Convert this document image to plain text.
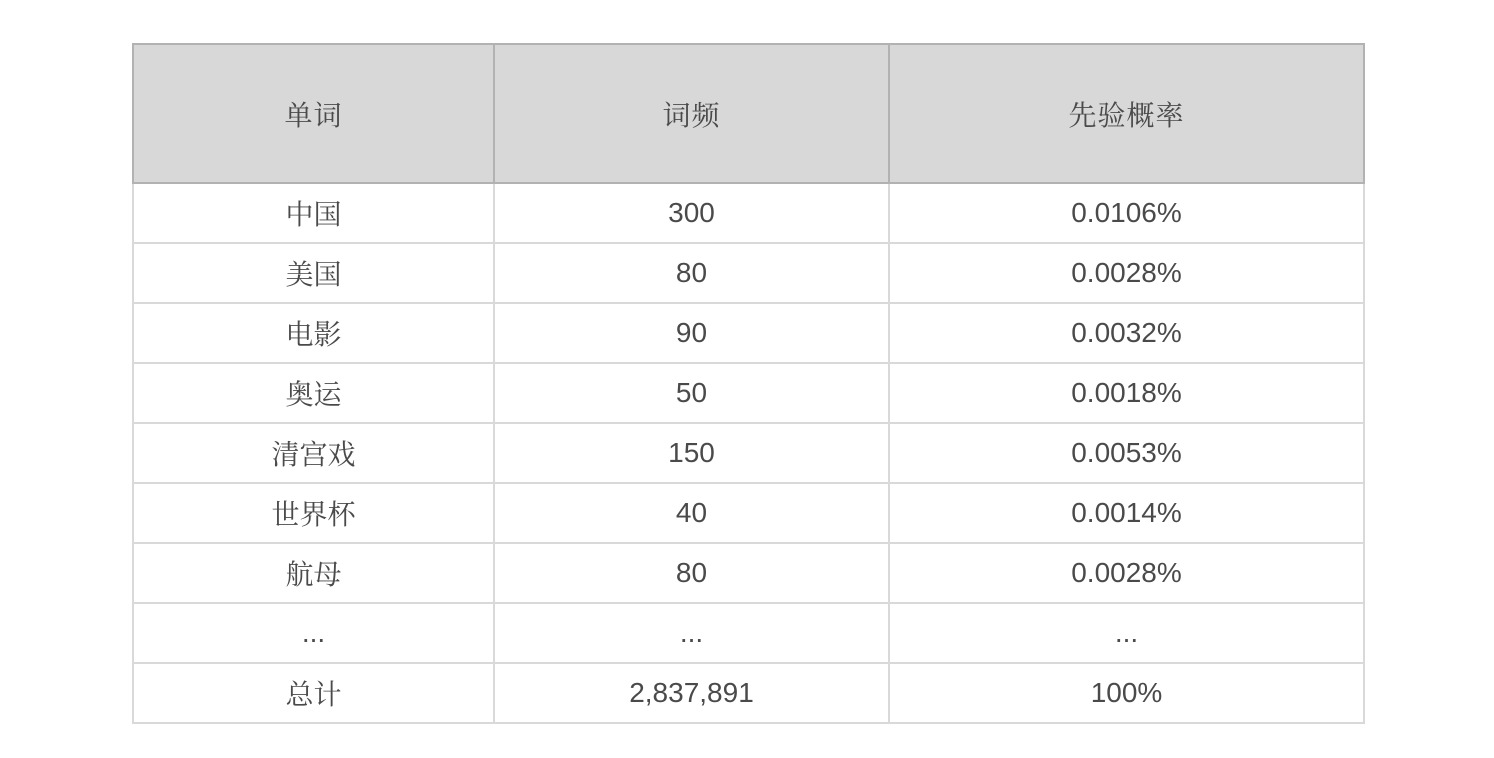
单词	词频	先验概率
中国	300	0.0106%
美国	80	0.0028%
电影	90	0.0032%
奥运	50	0.0018%
清宫戏	150	0.0053%
世界杯	40	0.0014%
航母	80	0.0028%
...	...	...
总计	2,837,891	100%
